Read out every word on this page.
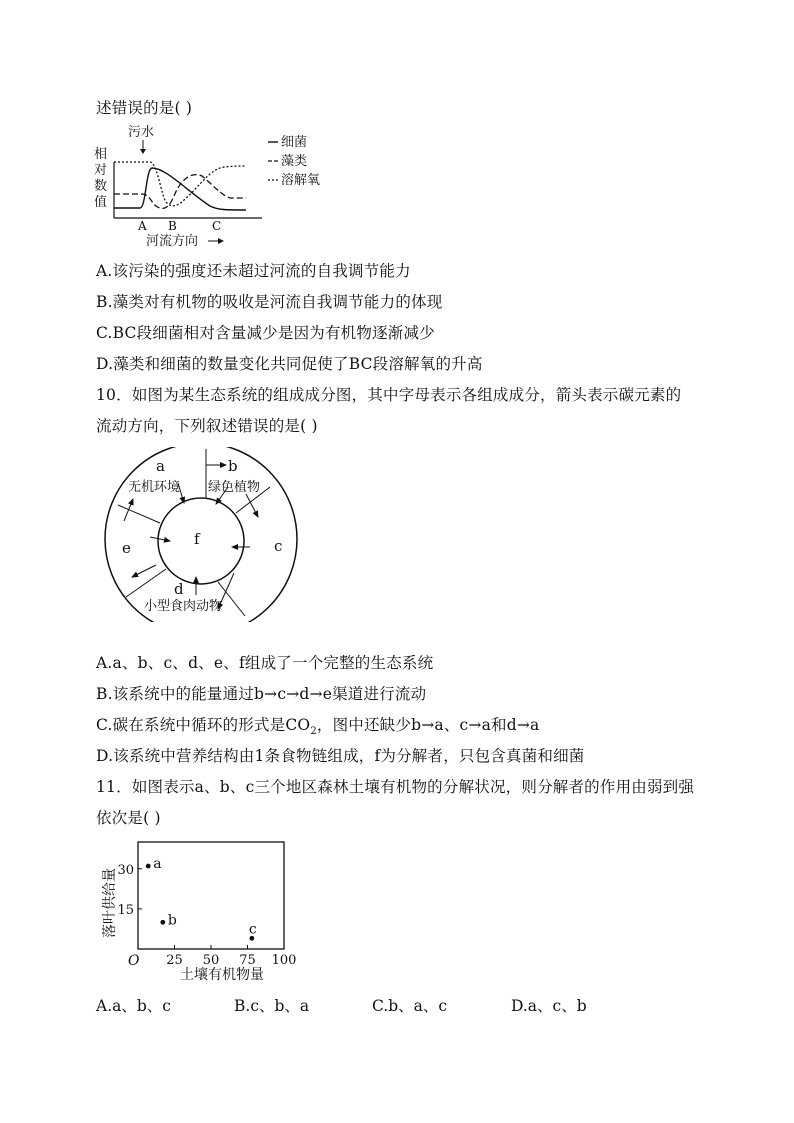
述错误的是( )
污水
相
对
数
值
A B	C
河流方向
细菌
藻类
溶解氧
A.该污染的强度还未超过河流的自我调节能力
B.藻类对有机物的吸收是河流自我调节能力的体现
C.BC段细菌相对含量减少是因为有机物逐渐减少
D.藻类和细菌的数量变化共同促使了BC段溶解氧的升高
10．如图为某生态系统的组成成分图，其中字母表示各组成成分，箭头表示碳元素的
流动方向，下列叙述错误的是( )
a	b
c
d
e	f
无机环境 绿色植物
小型食肉动物
A.a、b、c、d、e、f组成了一个完整的生态系统
B.该系统中的能量通过b→c→d→e渠道进行流动
C.碳在系统中循环的形式是$CO_2$，图中还缺少b→a、c→a和d→a
D.该系统中营养结构由1条食物链组成，f为分解者，只包含真菌和细菌
11．如图表示a、b、c三个地区森林土壤有机物的分解状况，则分解者的作用由弱到强
依次是( )
O
土壤有机物量
落叶供给量
25 50 75 100
15
30 a
b
c
A.a、b、c	B.c、b、a	C.b、a、c	D.a、c、b
